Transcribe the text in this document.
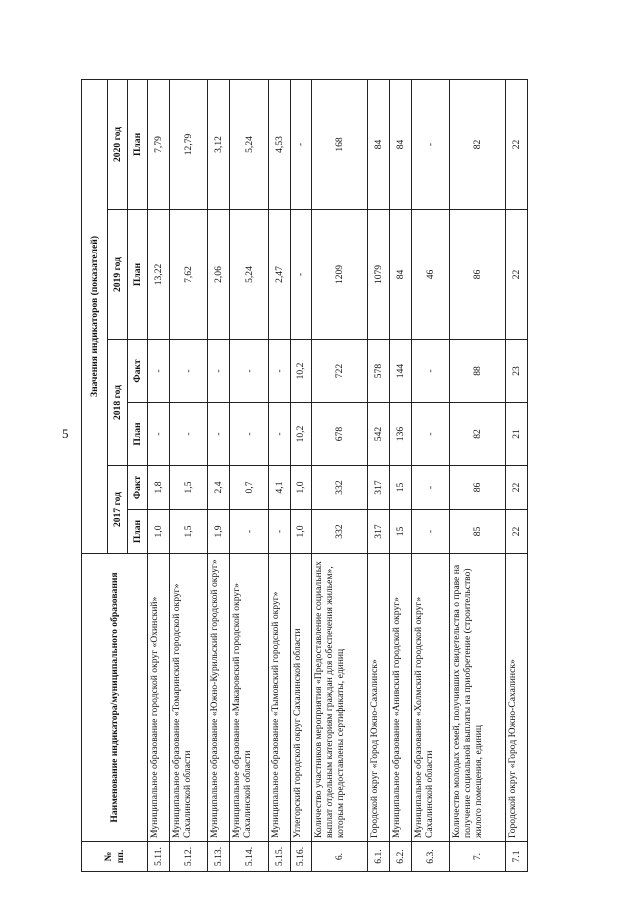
5
№ пп.	Наименование индикатора/муниципального образования	Значения индикаторов (показателей)					
		2017 год		2018 год		2019 год	2020 год
		План	Факт	План	Факт	План	План
5.11.	Муниципальное образование городской округ «Охинский»	1,0	1,8	-	-	13,22	7,79
5.12.	Муниципальное образование «Томаринский городской округ» Сахалинской области	1,5	1,5	-	-	7,62	12,79
5.13.	Муниципальное образование «Южно-Курильский городской округ»	1,9	2,4	-	-	2,06	3,12
5.14.	Муниципальное образование «Макаровский городской округ» Сахалинской области	-	0,7	-	-	5,24	5,24
5.15.	Муниципальное образование «Тымовский городской округ»	-	4,1	-	-	2,47	4,53
5.16.	Углегорский городской округ Сахалинской области	1,0	1,0	10,2	10,2	-	-
6.	Количество участников мероприятия «Предоставление социальных выплат отдельным категориям граждан для обеспечения жильем», которым предоставлены сертификаты, единиц	332	332	678	722	1209	168
6.1.	Городской округ «Город Южно-Сахалинск»	317	317	542	578	1079	84
6.2.	Муниципальное образование «Анивский городской округ»	15	15	136	144	84	84
6.3.	Муниципальное образование «Холмский городской округ» Сахалинской области	-	-	-	-	46	-
7.	Количество молодых семей, получивших свидетельства о праве на получение социальной выплаты на приобретение (строительство) жилого помещения, единиц	85	86	82	88	86	82
7.1	Городской округ «Город Южно-Сахалинск»	22	22	21	23	22	22
